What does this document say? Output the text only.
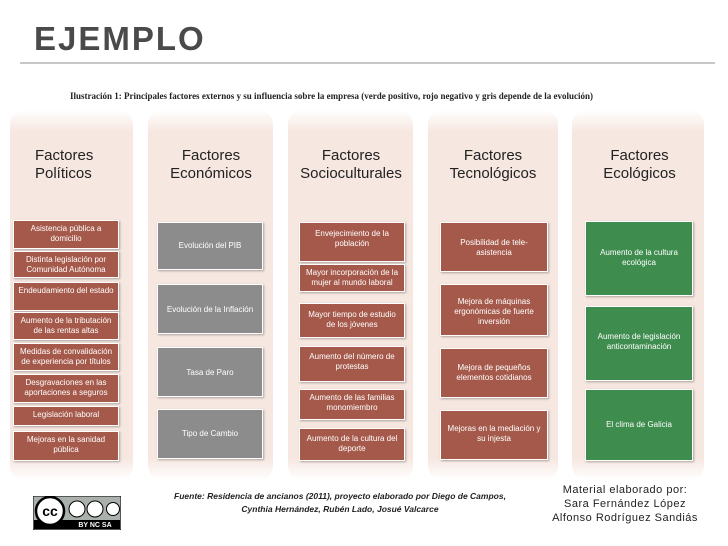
EJEMPLO
Ilustración 1: Principales factores externos y su influencia sobre la empresa (verde positivo, rojo negativo y gris depende de la evolución)
Factores
Políticos
Factores
Económicos
Factores
Socioculturales
Factores
Tecnológicos
Factores
Ecológicos
Asistencia pública a domicilio
Distinta legislación por Comunidad Autónoma
Endeudamiento del estado
Aumento de la tributación de las rentas altas
Medidas de convalidación de experiencia por títulos
Desgravaciones en las aportaciones a seguros
Legislación laboral
Mejoras en la sanidad pública
Evolución del PIB
Evolución de la Inflación
Tasa de Paro
Tipo de Cambio
Envejecimiento de la población
Mayor incorporación de la mujer al mundo laboral
Mayor tiempo de estudio de los jóvenes
Aumento del número de protestas
Aumento de las familias monomiembro
Aumento de la cultura del deporte
Posibilidad de tele-asistencia
Mejora de máquinas ergonómicas de fuerte inversión
Mejora de pequeños elementos cotidianos
Mejoras en la mediación y su injesta
Aumento de la cultura ecológica
Aumento de legislación anticontaminación
El clima de Galicia
cc
BY NC SA
Fuente: Residencia de ancianos (2011), proyecto elaborado por Diego de Campos,
Cynthia Hernández, Rubén Lado, Josué Valcarce
Material elaborado por:
Sara Fernández López
Alfonso Rodríguez Sandiás
